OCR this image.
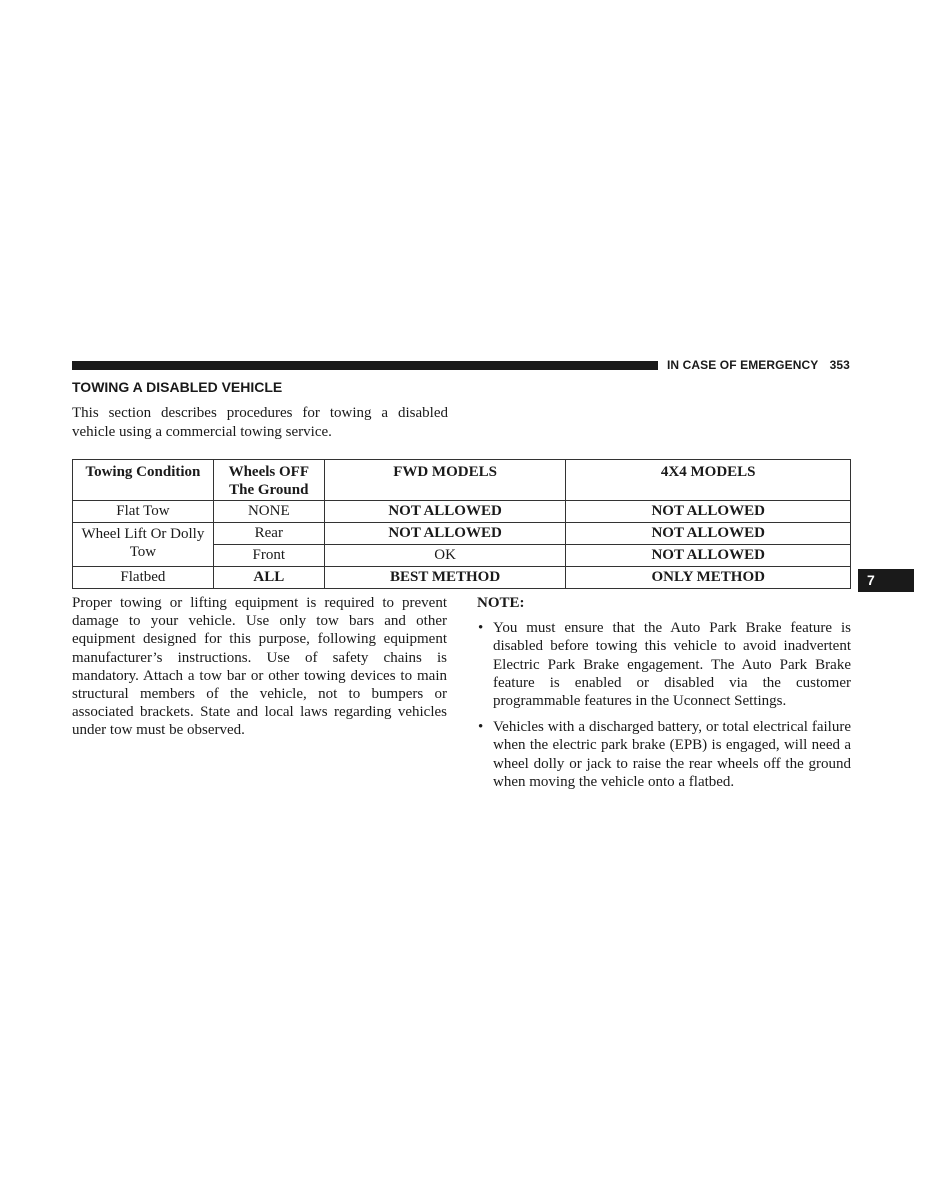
IN CASE OF EMERGENCY 353
TOWING A DISABLED VEHICLE

This section describes procedures for towing a disabled vehicle using a commercial towing service.

Towing Condition	Wheels OFF The Ground	FWD MODELS	4X4 MODELS
Flat Tow	NONE	NOT ALLOWED	NOT ALLOWED
Wheel Lift Or Dolly Tow	Rear	NOT ALLOWED	NOT ALLOWED
	Front	OK	NOT ALLOWED
Flatbed	ALL	BEST METHOD	ONLY METHOD	7

Proper towing or lifting equipment is required to prevent damage to your vehicle. Use only tow bars and other equipment designed for this purpose, following equipment manufacturer’s instructions. Use of safety chains is mandatory. Attach a tow bar or other towing devices to main structural members of the vehicle, not to bumpers or associated brackets. State and local laws regarding vehicles under tow must be observed.

NOTE:

• You must ensure that the Auto Park Brake feature is disabled before towing this vehicle to avoid inadvertent Electric Park Brake engagement. The Auto Park Brake feature is enabled or disabled via the customer programmable features in the Uconnect Settings.
• Vehicles with a discharged battery, or total electrical failure when the electric park brake (EPB) is engaged, will need a wheel dolly or jack to raise the rear wheels off the ground when moving the vehicle onto a flatbed.
